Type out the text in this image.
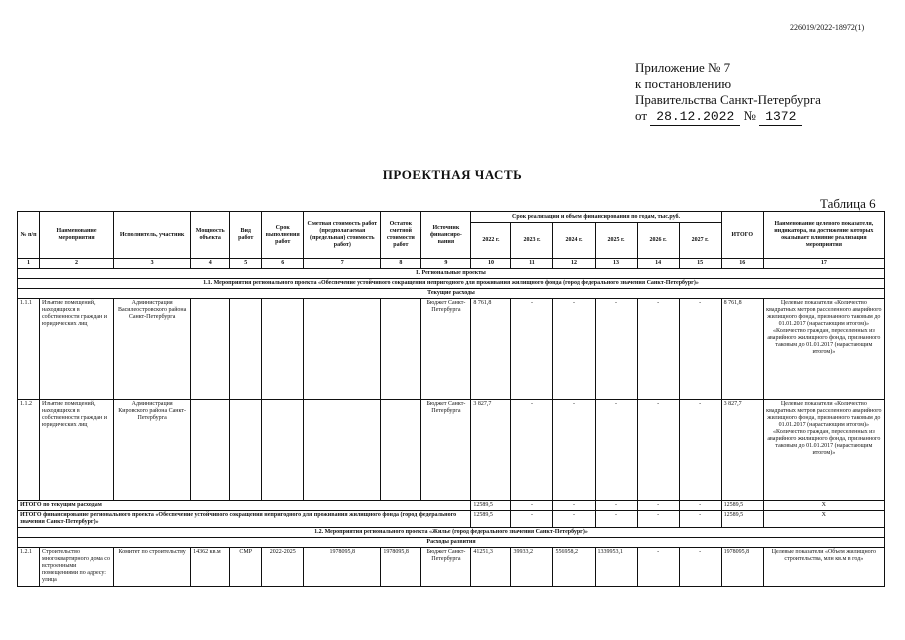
226019/2022-18972(1)
Приложение № 7
к постановлению
Правительства Санкт-Петербурга
от 28.12.2022 № 1372
ПРОЕКТНАЯ ЧАСТЬ
Таблица 6
№ п/п	Наименование мероприятия	Исполнитель, участник	Мощность объекта	Вид работ	Срок выполнения работ	Сметная стоимость работ (предполагаемая (предельная) стоимость работ)	Остаток сметной стоимости работ	Источник финансиро-вания	Срок реализации и объем финансирования по годам, тыс.руб.						ИТОГО	Наименование целевого показателя, индикатора, на достижение которых оказывает влияние реализация мероприятия
									2022 г.	2023 г.	2024 г.	2025 г.	2026 г.	2027 г.		
1	2	3	4	5	6	7	8	9	10	11	12	13	14	15	16	17
I. Региональные проекты																
1.1. Мероприятия регионального проекта «Обеспечение устойчивого сокращения непригодного для проживания жилищного фонда (город федерального значения Санкт-Петербург)»																
Текущие расходы																
1.1.1	Изъятие помещений, находящихся в собственности граждан и юридических лиц	Администрация Василеостровского района Санкт-Петербурга						Бюджет Санкт-Петербурга	8 761,8	-	-	-	-	-	8 761,8	Целевые показатели «Количество квадратных метров расселенного аварийного жилищного фонда, признанного таковым до 01.01.2017 (нарастающим итогом)» «Количество граждан, переселенных из аварийного жилищного фонда, признанного таковым до 01.01.2017 (нарастающим итогом)»
1.1.2	Изъятие помещений, находящихся в собственности граждан и юридических лиц	Администрация Кировского района Санкт-Петербурга						Бюджет Санкт-Петербурга	3 827,7	-	-	-	-	-	3 827,7	Целевые показатели «Количество квадратных метров расселенного аварийного жилищного фонда, признанного таковым до 01.01.2017 (нарастающим итогом)» «Количество граждан, переселенных из аварийного жилищного фонда, признанного таковым до 01.01.2017 (нарастающим итогом)»
ИТОГО по текущим расходам									12589,5	-	-	-	-	-	12589,5	Х
ИТОГО финансирование регионального проекта «Обеспечение устойчивого сокращения непригодного для проживания жилищного фонда (город федерального значения Санкт-Петербург)»									12589,5	-	-	-	-	-	12589,5	Х
1.2. Мероприятия регионального проекта «Жилье (город федерального значения Санкт-Петербург)»																
Расходы развития																
1.2.1	Строительство многоквартирного дома со встроенными помещениями по адресу: улица	Комитет по строительству	14362 кв.м	СМР	2022-2025	1978095,8	1978095,8	Бюджет Санкт-Петербурга	41251,3	39933,2	556958,2	1339953,1	-	-	1978095,8	Целевые показатели «Объем жилищного строительства, млн кв.м в год»
